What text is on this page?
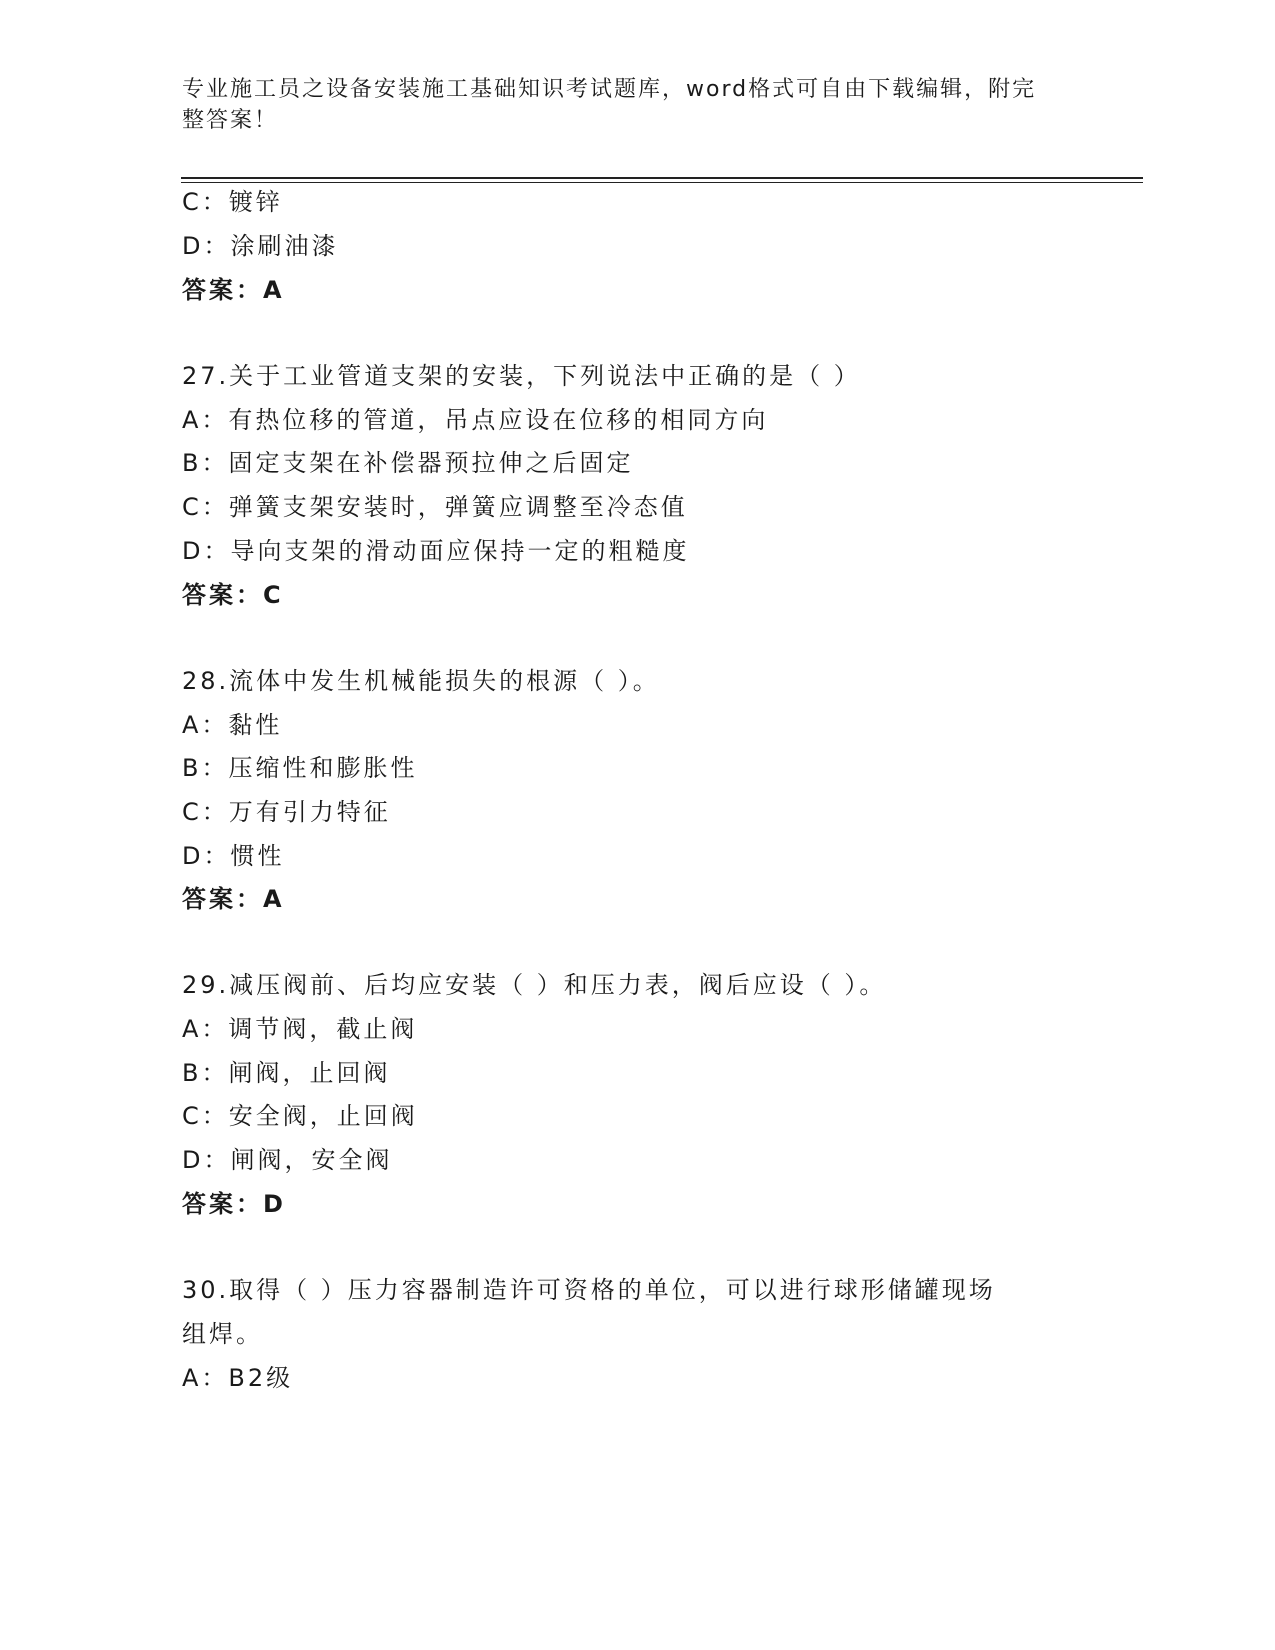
专业施工员之设备安装施工基础知识考试题库，word格式可自由下载编辑，附完
整答案！
C：镀锌
D：涂刷油漆
答案：A
27.关于工业管道支架的安装，下列说法中正确的是（ ）
A：有热位移的管道，吊点应设在位移的相同方向
B：固定支架在补偿器预拉伸之后固定
C：弹簧支架安装时，弹簧应调整至冷态值
D：导向支架的滑动面应保持一定的粗糙度
答案：C
28.流体中发生机械能损失的根源（ ）。
A：黏性
B：压缩性和膨胀性
C：万有引力特征
D：惯性
答案：A
29.减压阀前、后均应安装（ ）和压力表，阀后应设（ ）。
A：调节阀，截止阀
B：闸阀，止回阀
C：安全阀，止回阀
D：闸阀，安全阀
答案：D
30.取得（ ）压力容器制造许可资格的单位，可以进行球形储罐现场
组焊。
A：B2级
